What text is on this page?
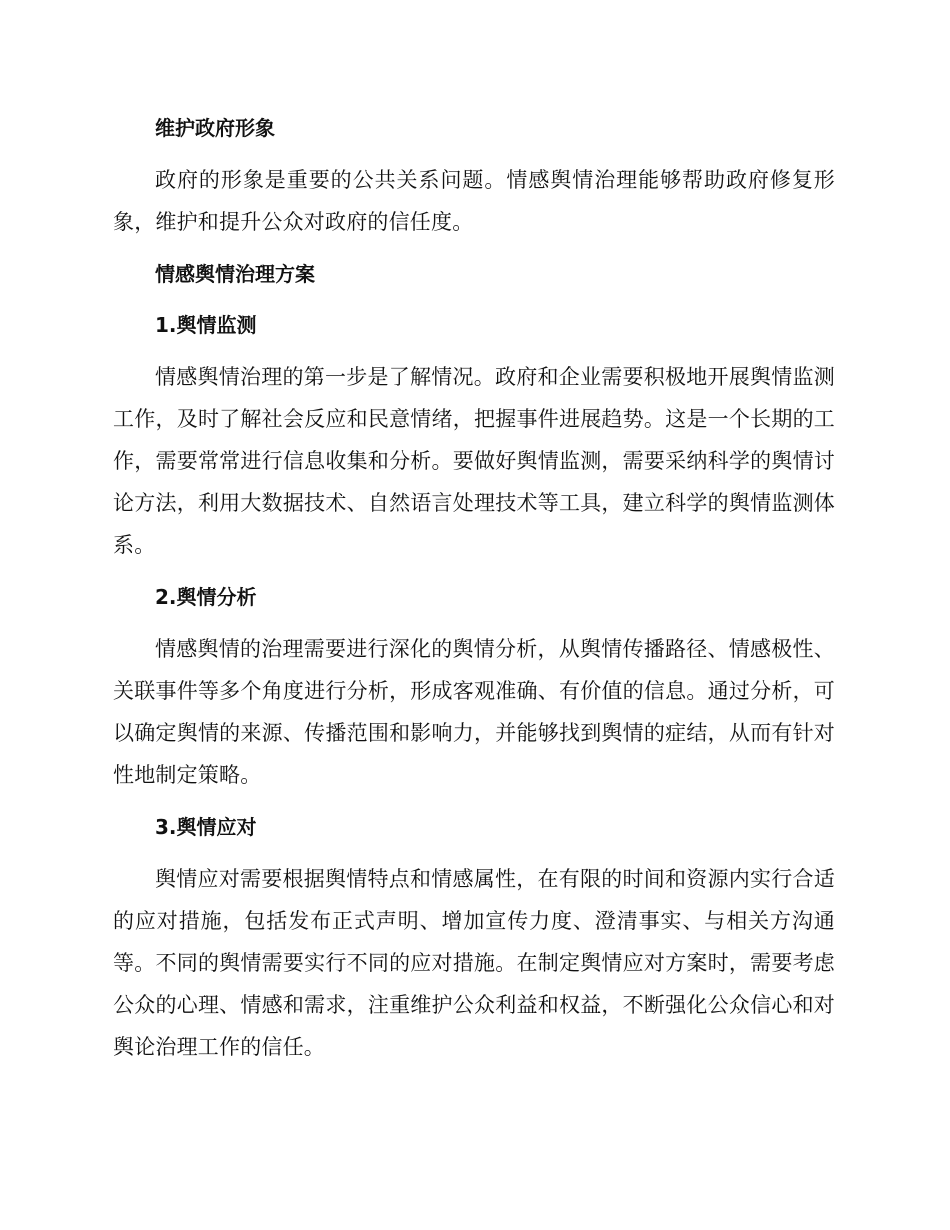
维护政府形象

政府的形象是重要的公共关系问题。情感舆情治理能够帮助政府修复形象，维护和提升公众对政府的信任度。

情感舆情治理方案
1.舆情监测

情感舆情治理的第一步是了解情况。政府和企业需要积极地开展舆情监测工作，及时了解社会反应和民意情绪，把握事件进展趋势。这是一个长期的工作，需要常常进行信息收集和分析。要做好舆情监测，需要采纳科学的舆情讨论方法，利用大数据技术、自然语言处理技术等工具，建立科学的舆情监测体系。

2.舆情分析

情感舆情的治理需要进行深化的舆情分析，从舆情传播路径、情感极性、关联事件等多个角度进行分析，形成客观准确、有价值的信息。通过分析，可以确定舆情的来源、传播范围和影响力，并能够找到舆情的症结，从而有针对性地制定策略。

3.舆情应对

舆情应对需要根据舆情特点和情感属性，在有限的时间和资源内实行合适的应对措施，包括发布正式声明、增加宣传力度、澄清事实、与相关方沟通等。不同的舆情需要实行不同的应对措施。在制定舆情应对方案时，需要考虑公众的心理、情感和需求，注重维护公众利益和权益，不断强化公众信心和对舆论治理工作的信任。
